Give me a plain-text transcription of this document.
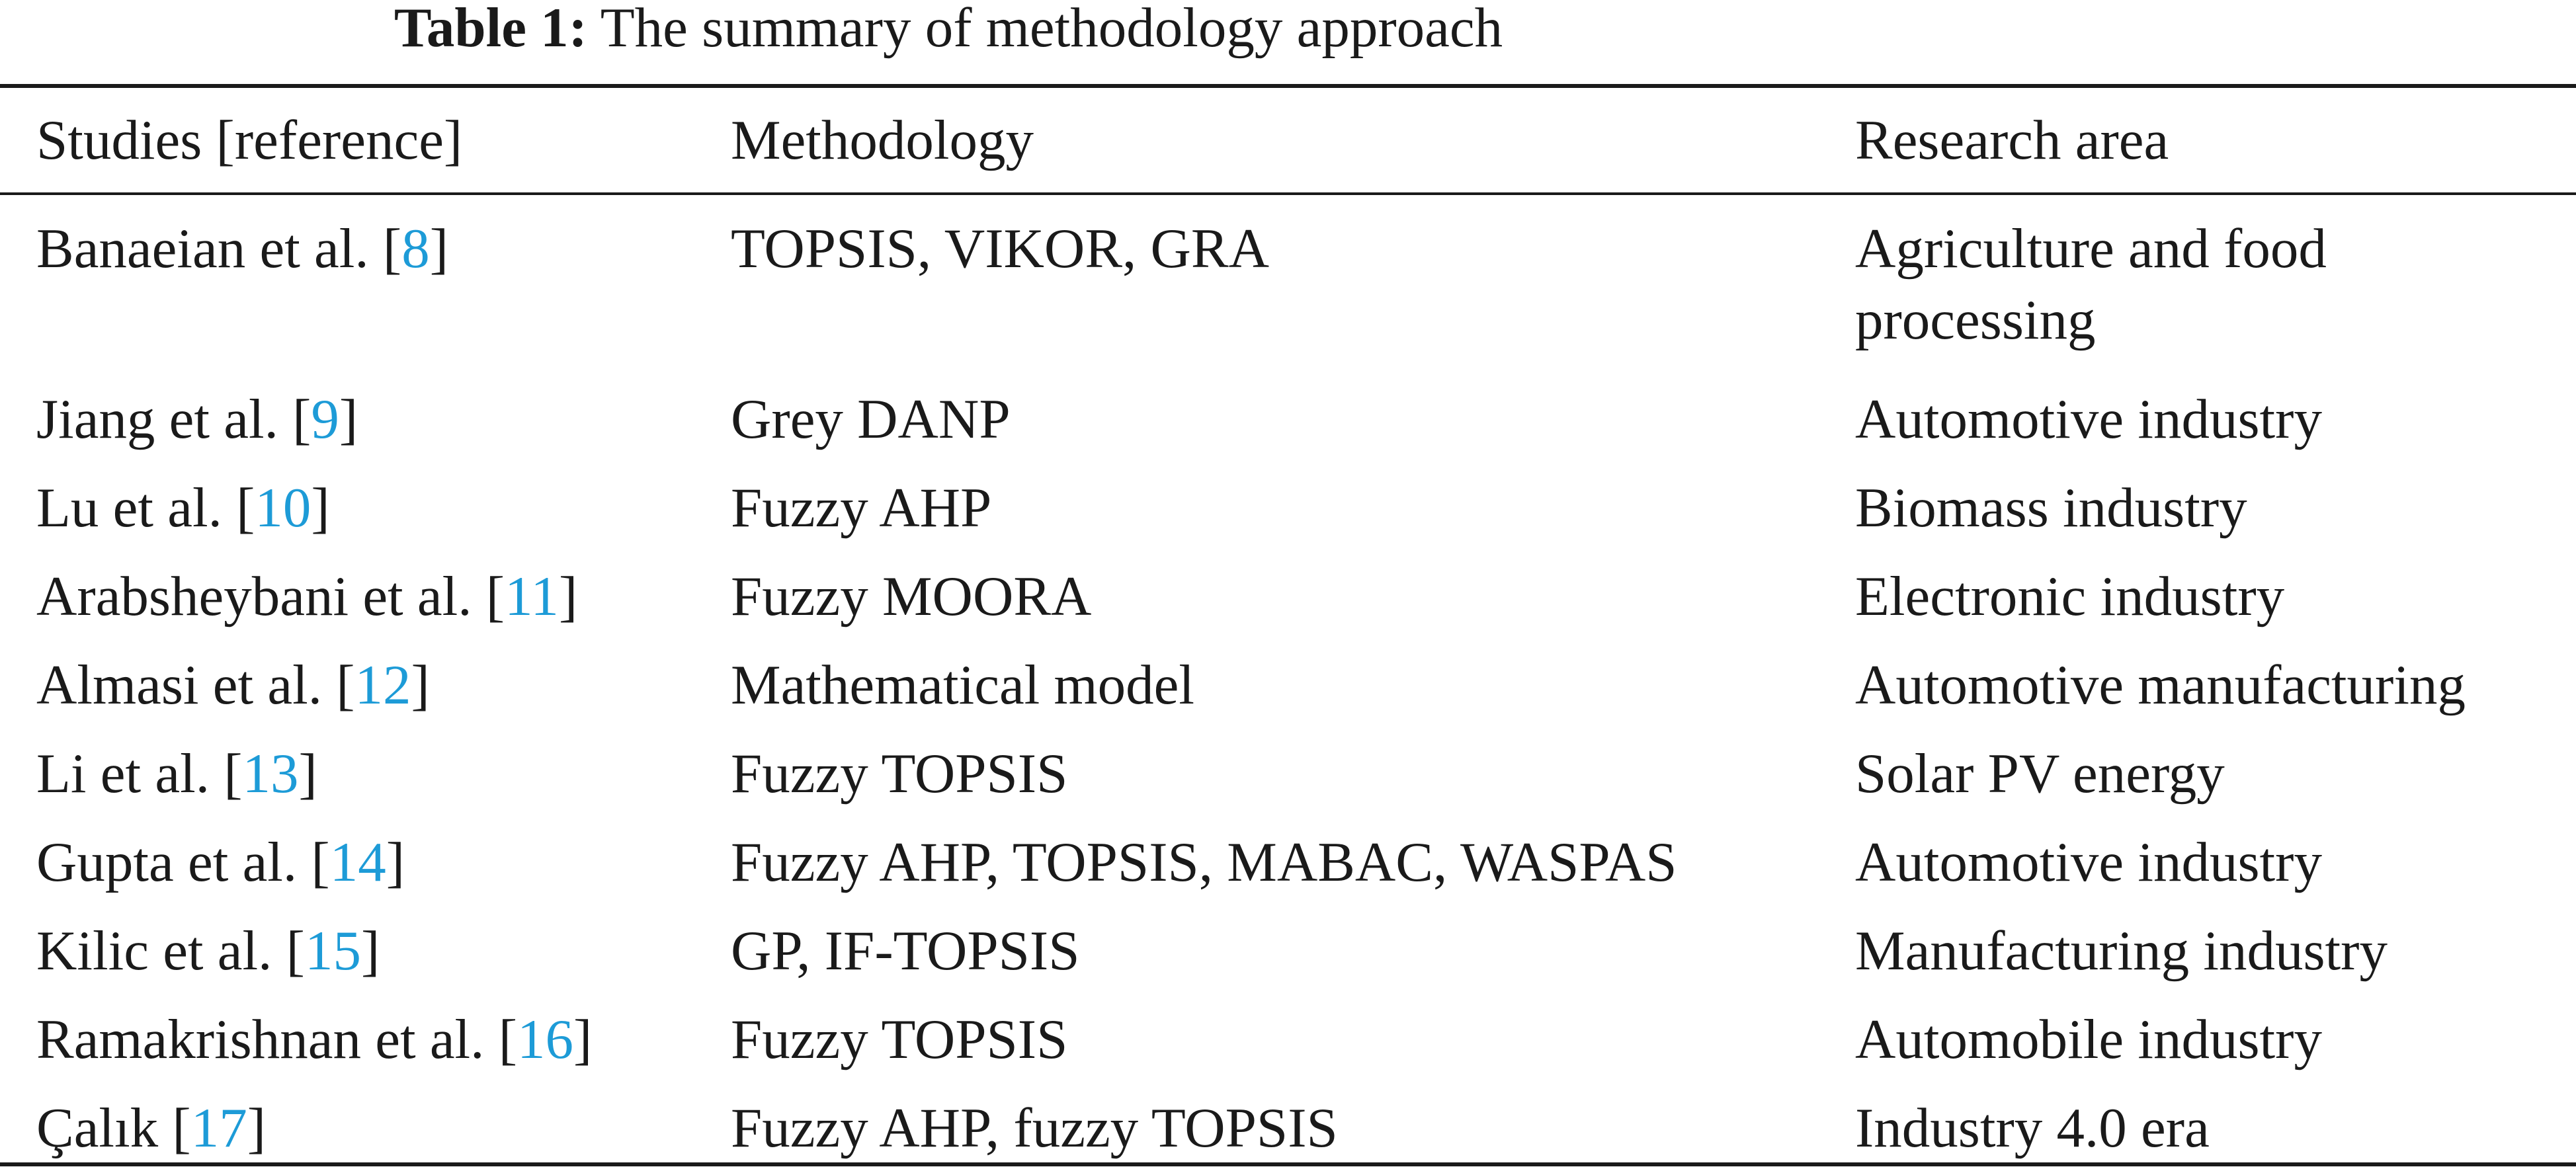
Table 1: The summary of methodology approach
Studies [reference]	Methodology	Research area
Banaeian et al. [8]	TOPSIS, VIKOR, GRA	Agriculture and food
processing
Jiang et al. [9]	Grey DANP	Automotive industry
Lu et al. [10]	Fuzzy AHP	Biomass industry
Arabsheybani et al. [11]	Fuzzy MOORA	Electronic industry
Almasi et al. [12]	Mathematical model	Automotive manufacturing
Li et al. [13]	Fuzzy TOPSIS	Solar PV energy
Gupta et al. [14]	Fuzzy AHP, TOPSIS, MABAC, WASPAS	Automotive industry
Kilic et al. [15]	GP, IF-TOPSIS	Manufacturing industry
Ramakrishnan et al. [16] Fuzzy TOPSIS	Automobile industry
Çalık [17]	Fuzzy AHP, fuzzy TOPSIS	Industry 4.0 era
